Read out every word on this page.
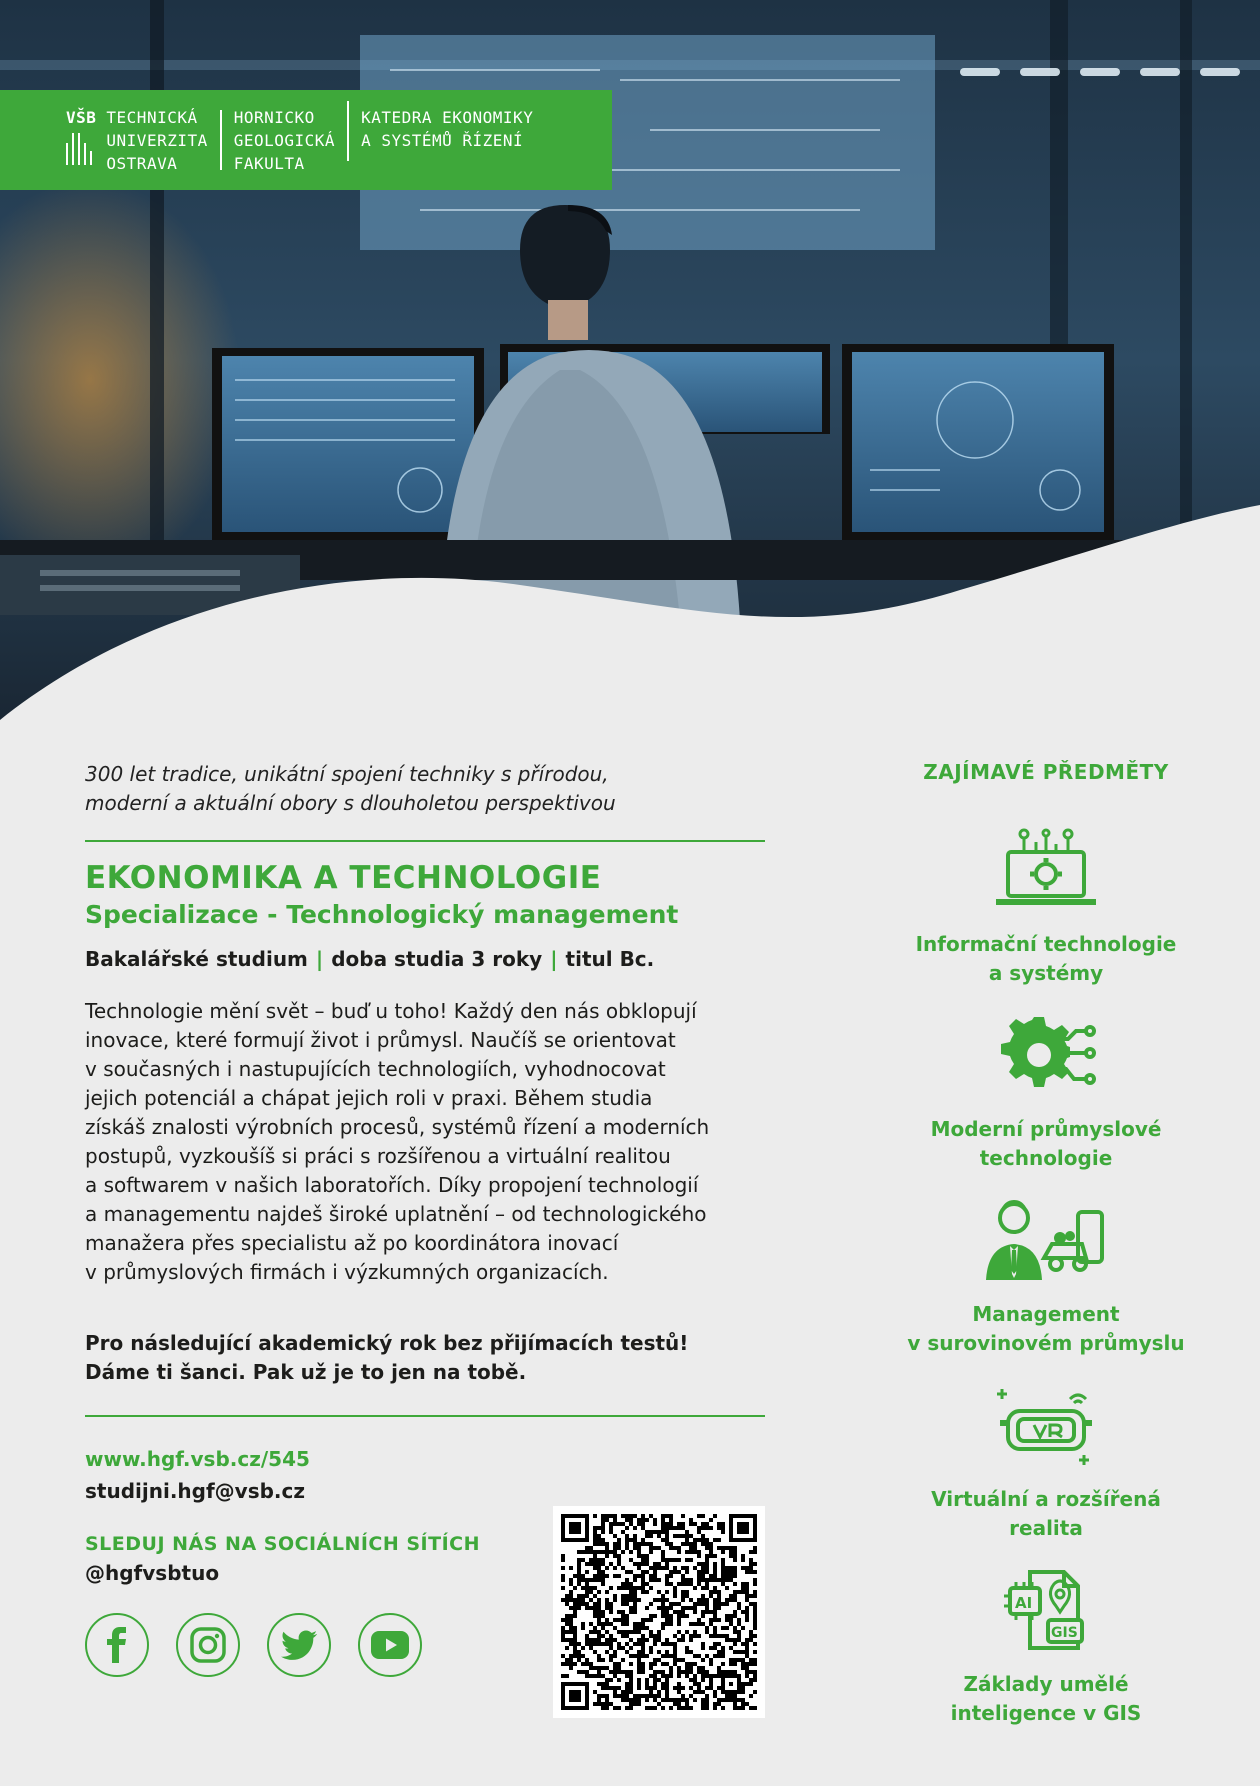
VŠB TECHNICKÁ
UNIVERZITA
OSTRAVA
HORNICKO
GEOLOGICKÁ
FAKULTA
KATEDRA EKONOMIKY
A SYSTÉMŮ ŘÍZENÍ

300 let tradice, unikátní spojení techniky s přírodou,
moderní a aktuální obory s dlouholetou perspektivou

EKONOMIKA A TECHNOLOGIE
Specializace - Technologický management
Bakalářské studium | doba studia 3 roky | titul Bc.

Technologie mění svět – buď u toho! Každý den nás obklopují
inovace, které formují život i průmysl. Naučíš se orientovat
v současných i nastupujících technologiích, vyhodnocovat
jejich potenciál a chápat jejich roli v praxi. Během studia
získáš znalosti výrobních procesů, systémů řízení a moderních
postupů, vyzkoušíš si práci s rozšířenou a virtuální realitou
a softwarem v našich laboratořích. Díky propojení technologií
a managementu najdeš široké uplatnění – od technologického
manažera přes specialistu až po koordinátora inovací
v průmyslových firmách i výzkumných organizacích.

Pro následující akademický rok bez přijímacích testů!
Dáme ti šanci. Pak už je to jen na tobě.

www.hgf.vsb.cz/545
studijni.hgf@vsb.cz
SLEDUJ NÁS NA SOCIÁLNÍCH SÍTÍCH
@hgfvsbtuo
ZAJÍMAVÉ PŘEDMĚTY
Informační technologie
a systémy
Moderní průmyslové
technologie
Management
v surovinovém průmyslu
Virtuální a rozšířená
realita
AI
GIS
Základy umělé
inteligence v GIS
